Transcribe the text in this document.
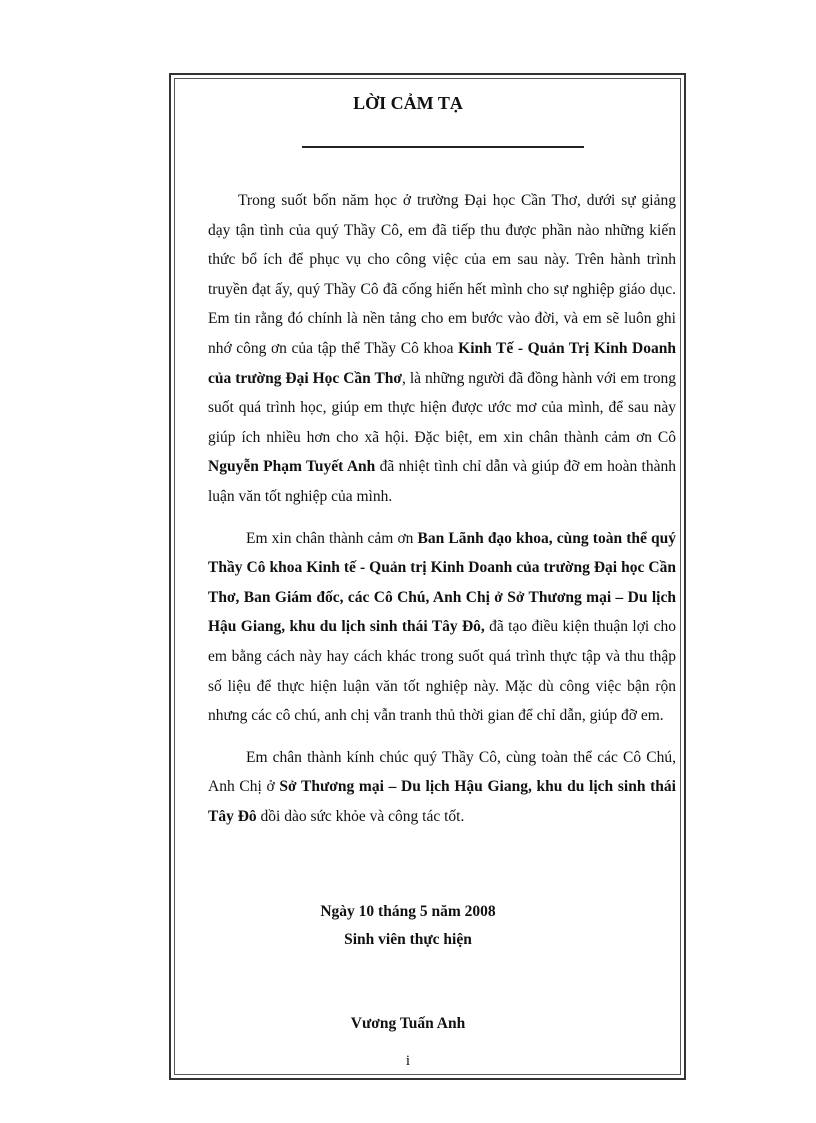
LỜI CẢM TẠ

Trong suốt bốn năm học ở trường Đại học Cần Thơ, dưới sự giảng dạy tận tình của quý Thầy Cô, em đã tiếp thu được phần nào những kiến thức bổ ích để phục vụ cho công việc của em sau này. Trên hành trình truyền đạt ấy, quý Thầy Cô đã cống hiến hết mình cho sự nghiệp giáo dục. Em tin rằng đó chính là nền tảng cho em bước vào đời, và em sẽ luôn ghi nhớ công ơn của tập thể Thầy Cô khoa Kinh Tế - Quản Trị Kinh Doanh của trường Đại Học Cần Thơ, là những người đã đồng hành với em trong suốt quá trình học, giúp em thực hiện được ước mơ của mình, để sau này giúp ích nhiều hơn cho xã hội. Đặc biệt, em xin chân thành cảm ơn Cô Nguyễn Phạm Tuyết Anh đã nhiệt tình chỉ dẫn và giúp đỡ em hoàn thành luận văn tốt nghiệp của mình.

Em xin chân thành cảm ơn Ban Lãnh đạo khoa, cùng toàn thể quý Thầy Cô khoa Kinh tế - Quản trị Kinh Doanh của trường Đại học Cần Thơ, Ban Giám đốc, các Cô Chú, Anh Chị ở Sở Thương mại – Du lịch Hậu Giang, khu du lịch sinh thái Tây Đô, đã tạo điều kiện thuận lợi cho em bằng cách này hay cách khác trong suốt quá trình thực tập và thu thập số liệu để thực hiện luận văn tốt nghiệp này. Mặc dù công việc bận rộn nhưng các cô chú, anh chị vẫn tranh thủ thời gian để chỉ dẫn, giúp đỡ em.

Em chân thành kính chúc quý Thầy Cô, cùng toàn thể các Cô Chú, Anh Chị ở Sở Thương mại – Du lịch Hậu Giang, khu du lịch sinh thái Tây Đô dồi dào sức khỏe và công tác tốt.

Ngày 10 tháng 5 năm 2008
Sinh viên thực hiện
Vương Tuấn Anh
i
